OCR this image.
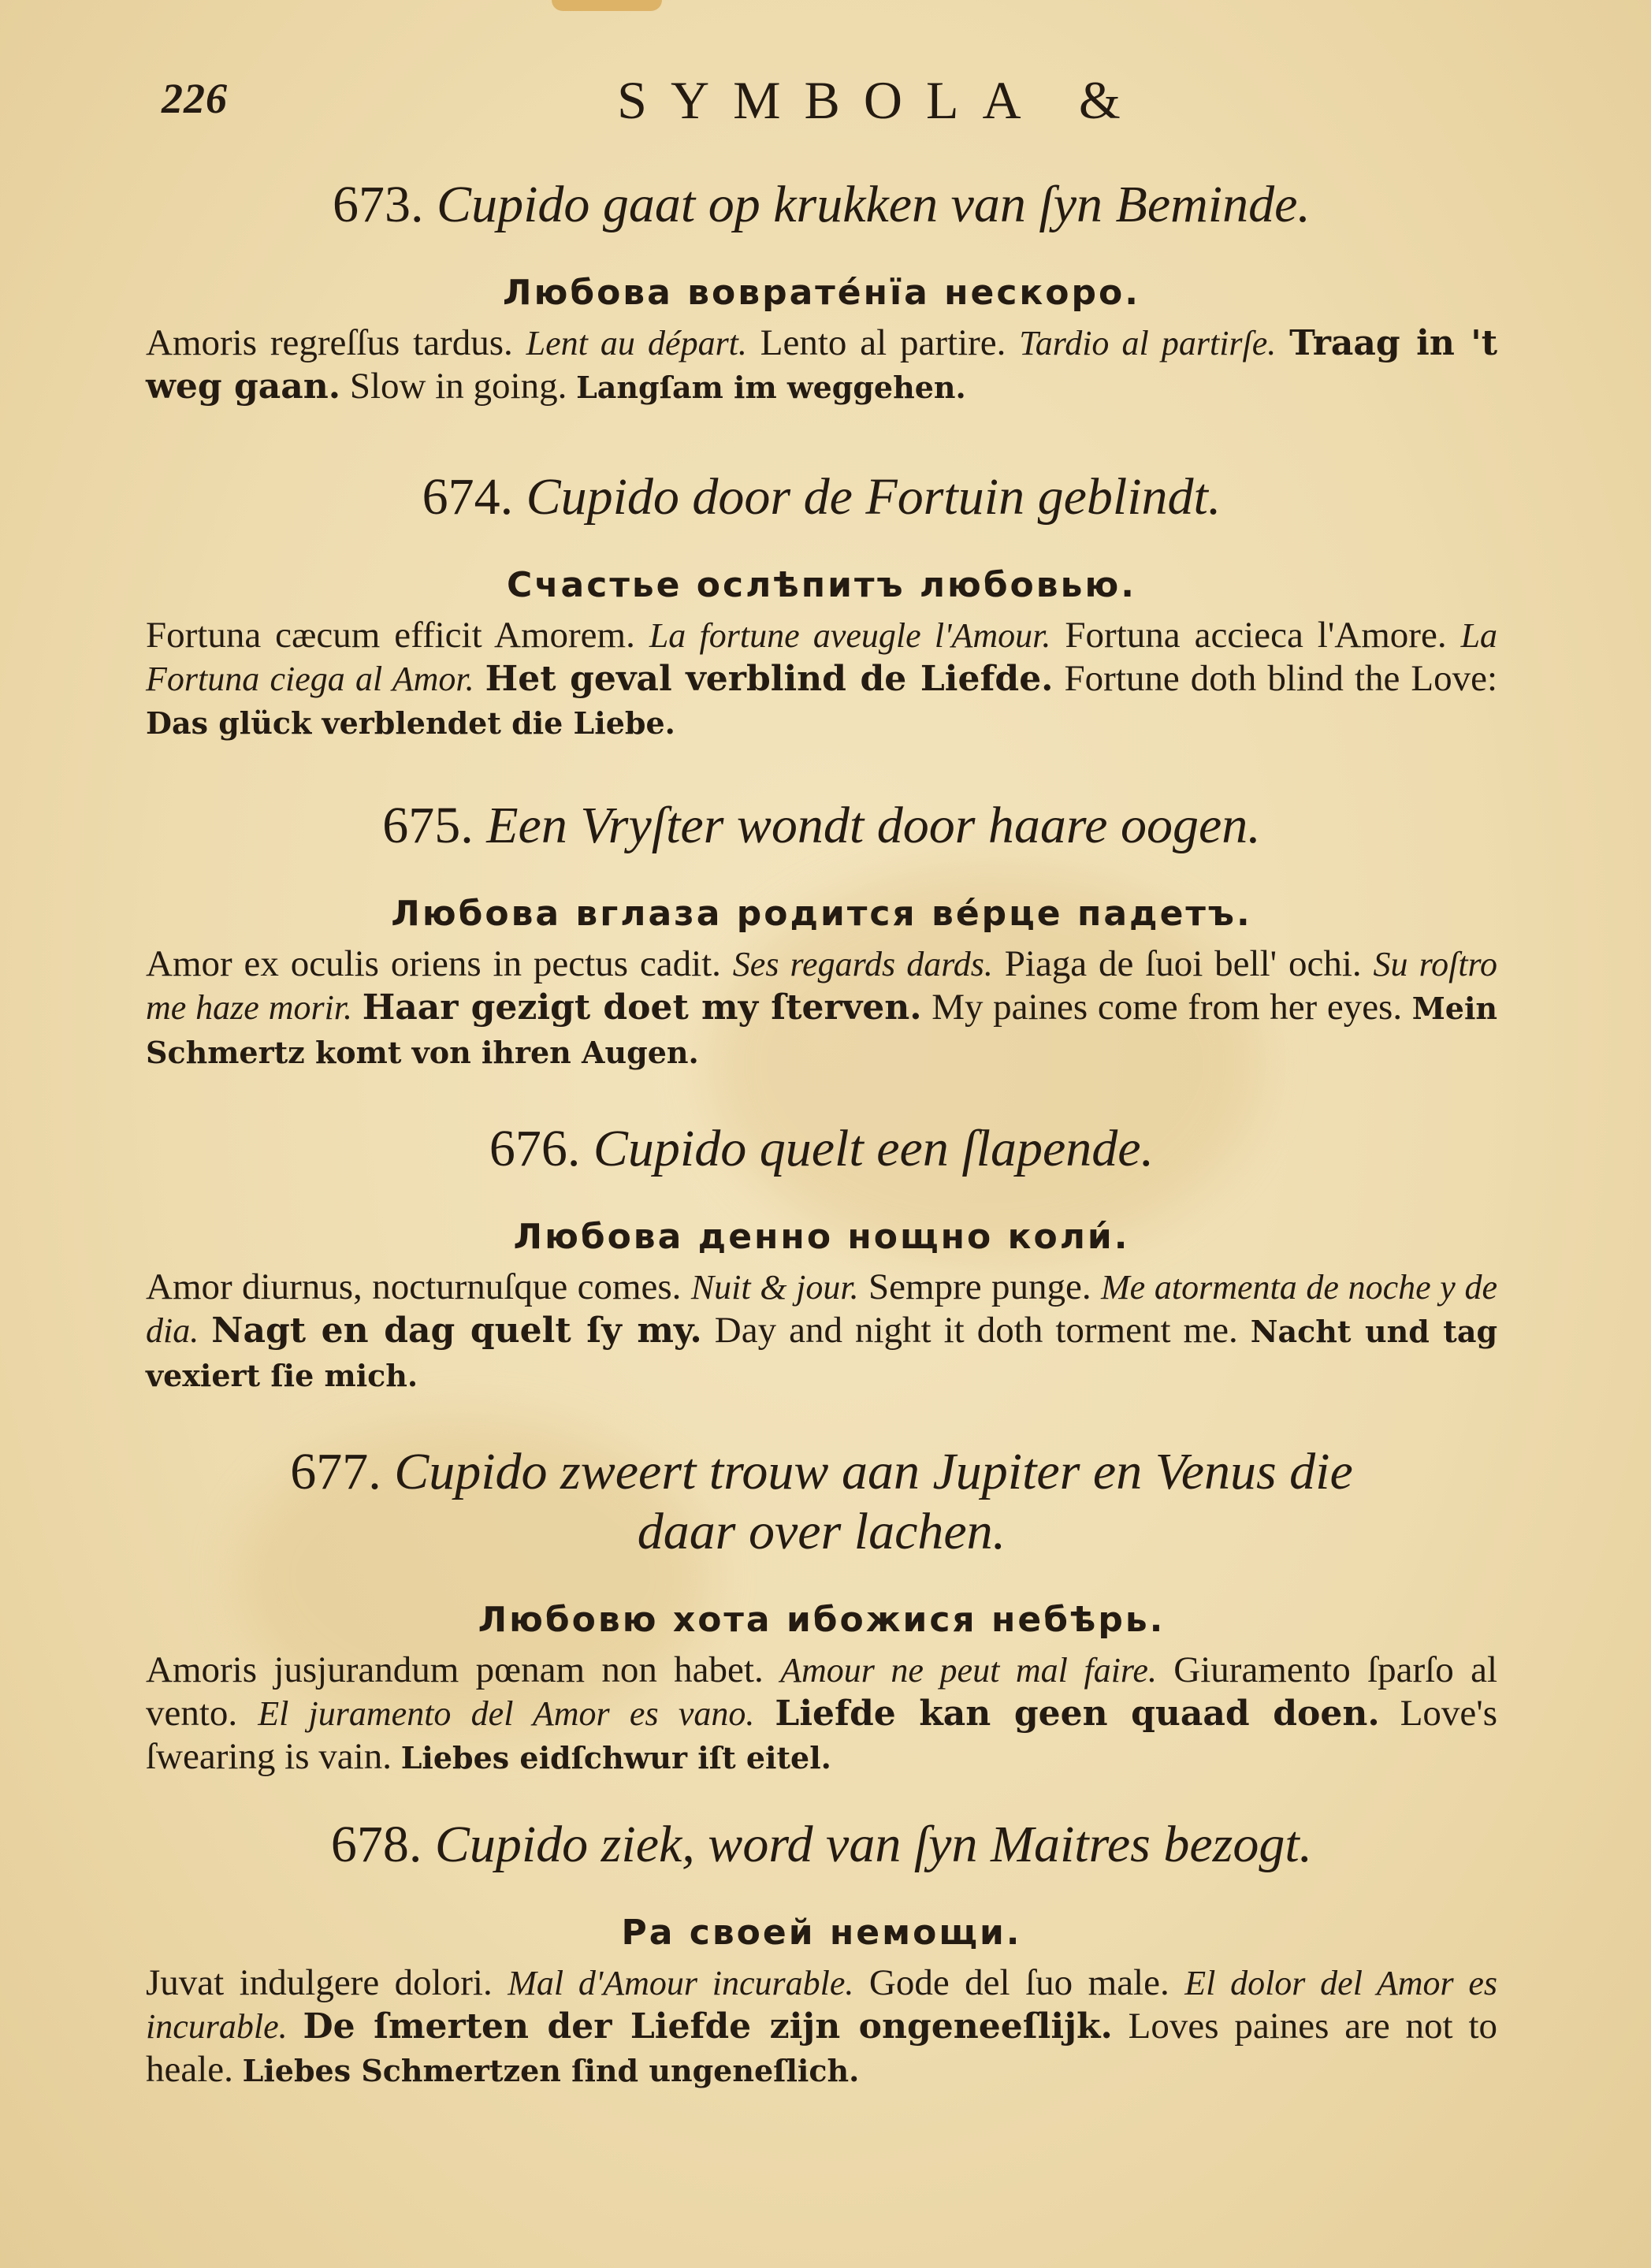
226	SYMBOLA &
673. Cupido gaat op krukken van ſyn Beminde.
Любова воврате́нїа нескоро.

Amoris regreſſus tardus. Lent au départ. Lento al partire. Tardio al partirſe. Traag in 't weg gaan. Slow in going. Langſam im weggehen.

674. Cupido door de Fortuin geblindt.
Счастье ослѣпитъ любовью.

Fortuna cæcum efficit Amorem. La fortune aveugle l'Amour. Fortuna accieca l'Amore. La Fortuna ciega al Amor. Het geval verblind de Liefde. Fortune doth blind the Love: Das glück verblendet die Liebe.

675. Een Vryſter wondt door haare oogen.
Любова вглаза родится ве́рце падетъ.

Amor ex oculis oriens in pectus cadit. Ses regards dards. Piaga de ſuoi bell' ochi. Su roſtro me haze morir. Haar gezigt doet my ſterven. My paines come from her eyes. Mein Schmertz komt von ihren Augen.

676. Cupido quelt een ſlapende.
Любова денно нощно коли́.

Amor diurnus, nocturnuſque comes. Nuit & jour. Sempre punge. Me atormenta de noche y de dia. Nagt en dag quelt ſy my. Day and night it doth torment me. Nacht und tag vexiert ſie mich.

677. Cupido zweert trouw aan Jupiter en Venus die daar over lachen.
Любовю хота ибожися небѣрь.

Amoris jusjurandum pœnam non habet. Amour ne peut mal faire. Giuramento ſparſo al vento. El juramento del Amor es vano. Liefde kan geen quaad doen. Love's ſwearing is vain. Liebes eidſchwur iſt eitel.

678. Cupido ziek, word van ſyn Maitres bezogt.
Ра своей немощи.

Juvat indulgere dolori. Mal d'Amour incurable. Gode del ſuo male. El dolor del Amor es incurable. De ſmerten der Liefde zijn ongeneeſlijk. Loves paines are not to heale. Liebes Schmertzen ſind ungeneſlich.
